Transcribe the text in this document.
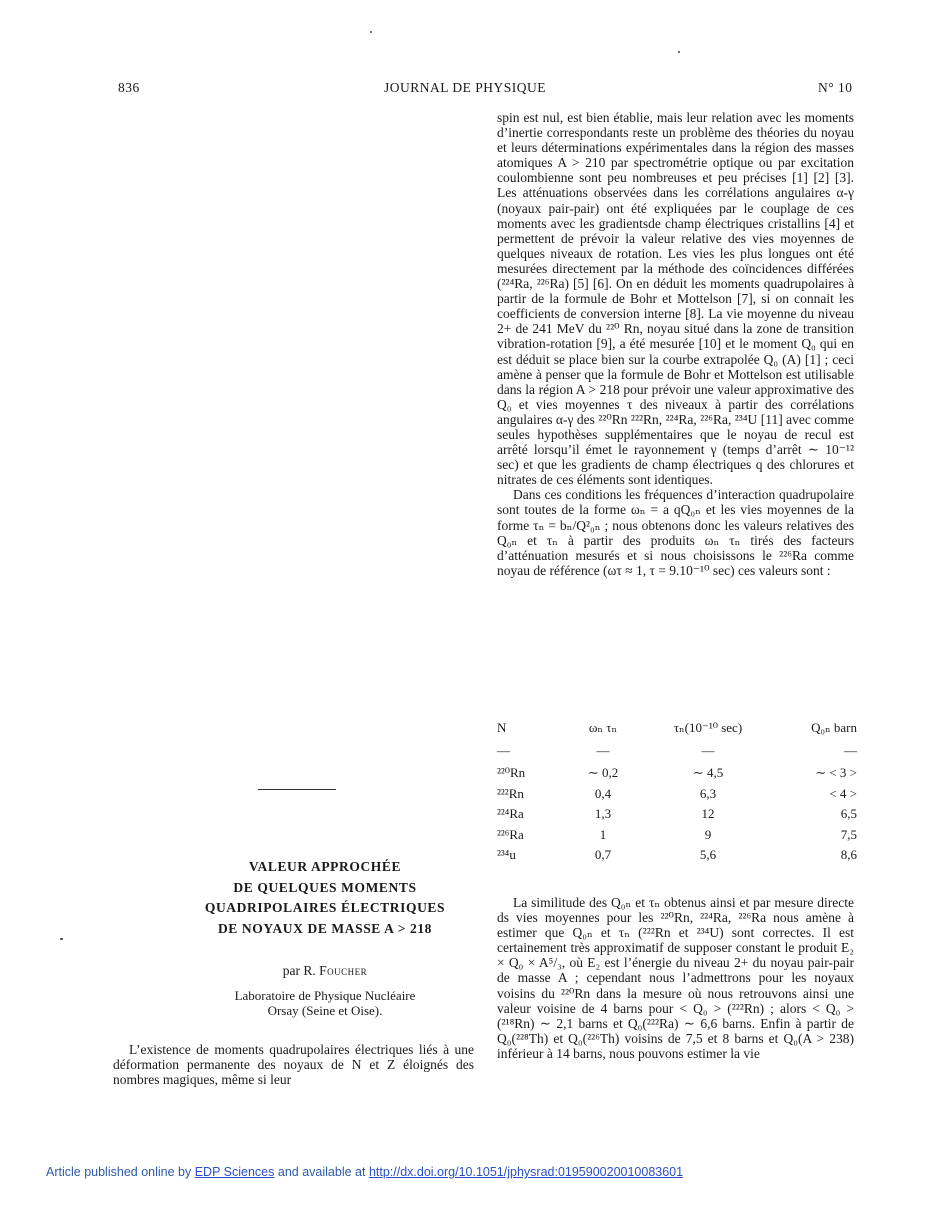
836	JOURNAL DE PHYSIQUE	N° 10

spin est nul, est bien établie, mais leur relation avec les moments d’inertie correspondants reste un problème des théories du noyau et leurs déterminations expérimentales dans la région des masses atomiques A > 210 par spectrométrie optique ou par excitation coulombienne sont peu nombreuses et peu précises [1] [2] [3]. Les atténuations observées dans les corrélations angulaires α-γ (noyaux pair-pair) ont été expliquées par le couplage de ces moments avec les gradientsde champ électriques cristallins [4] et permettent de prévoir la valeur relative des vies moyennes de quelques niveaux de rotation. Les vies les plus longues ont été mesurées directement par la méthode des coïncidences différées (²²⁴Ra, ²²⁶Ra) [5] [6]. On en déduit les moments quadrupolaires à partir de la formule de Bohr et Mottelson [7], si on connait les coefficients de conversion interne [8]. La vie moyenne du niveau 2+ de 241 MeV du ²²⁰ Rn, noyau situé dans la zone de transition vibration-rotation [9], a été mesurée [10] et le moment Q₀ qui en est déduit se place bien sur la courbe extrapolée Q₀ (A) [1] ; ceci amène à penser que la formule de Bohr et Mottelson est utilisable dans la région A > 218 pour prévoir une valeur approximative des Q₀ et vies moyennes τ des niveaux à partir des corrélations angulaires α-γ des ²²⁰Rn ²²²Rn, ²²⁴Ra, ²²⁶Ra, ²³⁴U [11] avec comme seules hypothèses supplémentaires que le noyau de recul est arrêté lorsqu’il émet le rayonnement γ (temps d’arrêt ∼ 10⁻¹² sec) et que les gradients de champ électriques q des chlorures et nitrates de ces éléments sont identiques.

Dans ces conditions les fréquences d’interaction quadrupolaire sont toutes de la forme ωₙ = a qQ₀ₙ et les vies moyennes de la forme τₙ = bₙ/Q²₀ₙ ; nous obtenons donc les valeurs relatives des Q₀ₙ et τₙ à partir des produits ωₙ τₙ tirés des facteurs d’atténuation mesurés et si nous choisissons le ²²⁶Ra comme noyau de référence (ωτ ≈ 1, τ = 9.10⁻¹⁰ sec) ces valeurs sont :

N	ωₙ τₙ	τₙ(10⁻¹⁰ sec)	Q₀ₙ barn
—	—	—	—
²²⁰Rn	∼ 0,2	∼ 4,5	∼ < 3 >
²²²Rn	0,4	6,3	< 4 >
²²⁴Ra	1,3	12	6,5
²²⁶Ra	1	9	7,5
²³⁴u	0,7	5,6	8,6

La similitude des Q₀ₙ et τₙ obtenus ainsi et par mesure directe ds vies moyennes pour les ²²⁰Rn, ²²⁴Ra, ²²⁶Ra nous amène à estimer que Q₀ₙ et τₙ (²²²Rn et ²³⁴U) sont correctes. Il est certainement très approximatif de supposer constant le produit E₂ × Q₀ × A⁵/₃, où E₂ est l’énergie du niveau 2+ du noyau pair-pair de masse A ; cependant nous l’admettrons pour les noyaux voisins du ²²⁰Rn dans la mesure où nous retrouvons ainsi une valeur voisine de 4 barns pour < Q₀ > (²²²Rn) ; alors < Q₀ > (²¹⁸Rn) ∼ 2,1 barns et Q₀(²²²Ra) ∼ 6,6 barns. Enfin à partir de Q₀(²²⁸Th) et Q₀(²²⁶Th) voisins de 7,5 et 8 barns et Q₀(A > 238) inférieur à 14 barns, nous pouvons estimer la vie

VALEUR APPROCHÉE
DE QUELQUES MOMENTS
QUADRIPOLAIRES ÉLECTRIQUES
DE NOYAUX DE MASSE A > 218
par R. Foucher
Laboratoire de Physique Nucléaire
Orsay (Seine et Oise).

L’existence de moments quadrupolaires électriques liés à une déformation permanente des noyaux de N et Z éloignés des nombres magiques, même si leur

Article published online by EDP Sciences and available at http://dx.doi.org/10.1051/jphysrad:019590020010083601
